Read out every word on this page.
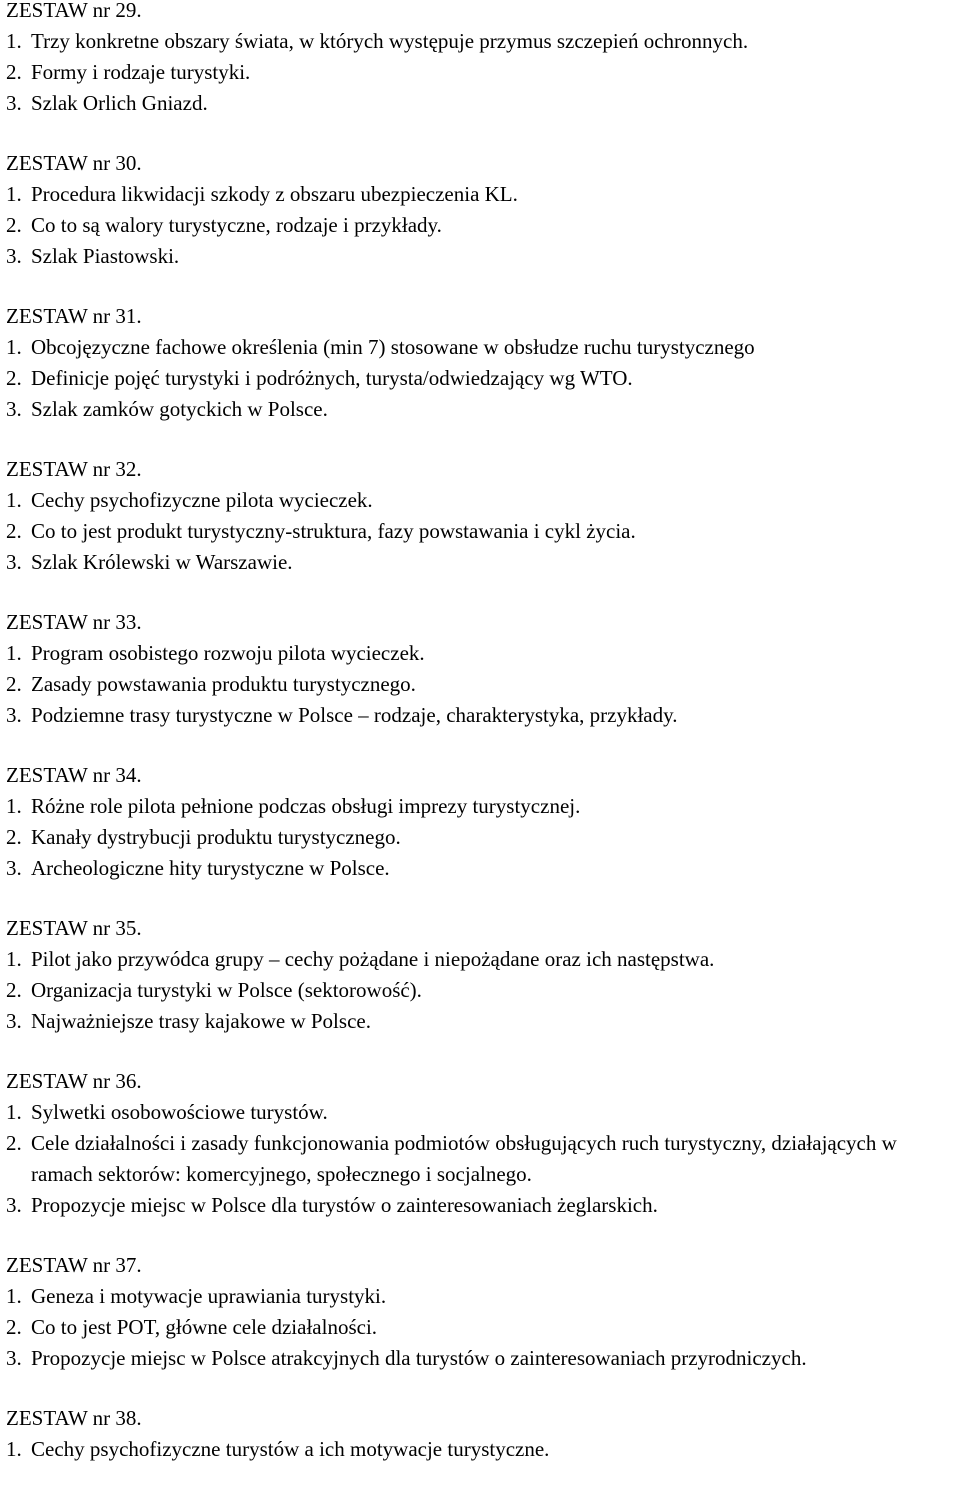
ZESTAW nr 29.
1. Trzy konkretne obszary świata, w których występuje przymus szczepień ochronnych.
2. Formy i rodzaje turystyki.
3. Szlak Orlich Gniazd.
ZESTAW nr 30.
1. Procedura likwidacji szkody z obszaru ubezpieczenia KL.
2. Co to są walory turystyczne, rodzaje i przykłady.
3. Szlak Piastowski.
ZESTAW nr 31.
1. Obcojęzyczne fachowe określenia (min 7) stosowane w obsłudze ruchu turystycznego
2. Definicje pojęć turystyki i podróżnych, turysta/odwiedzający wg WTO.
3. Szlak zamków gotyckich w Polsce.
ZESTAW nr 32.
1. Cechy psychofizyczne pilota wycieczek.
2. Co to jest produkt turystyczny-struktura, fazy powstawania i cykl życia.
3. Szlak Królewski w Warszawie.
ZESTAW nr 33.
1. Program osobistego rozwoju pilota wycieczek.
2. Zasady powstawania produktu turystycznego.
3. Podziemne trasy turystyczne w Polsce – rodzaje, charakterystyka, przykłady.
ZESTAW nr 34.
1. Różne role pilota pełnione podczas obsługi imprezy turystycznej.
2. Kanały dystrybucji produktu turystycznego.
3. Archeologiczne hity turystyczne w Polsce.
ZESTAW nr 35.
1. Pilot jako przywódca grupy – cechy pożądane i niepożądane oraz ich następstwa.
2. Organizacja turystyki w Polsce (sektorowość).
3. Najważniejsze trasy kajakowe w Polsce.
ZESTAW nr 36.
1. Sylwetki osobowościowe turystów.
2. Cele działalności i zasady funkcjonowania podmiotów obsługujących ruch turystyczny, działających w ramach sektorów: komercyjnego, społecznego i socjalnego.
3. Propozycje miejsc w Polsce dla turystów o zainteresowaniach żeglarskich.
ZESTAW nr 37.
1. Geneza i motywacje uprawiania turystyki.
2. Co to jest POT, główne cele działalności.
3. Propozycje miejsc w Polsce atrakcyjnych dla turystów o zainteresowaniach przyrodniczych.
ZESTAW nr 38.
1. Cechy psychofizyczne turystów a ich motywacje turystyczne.
